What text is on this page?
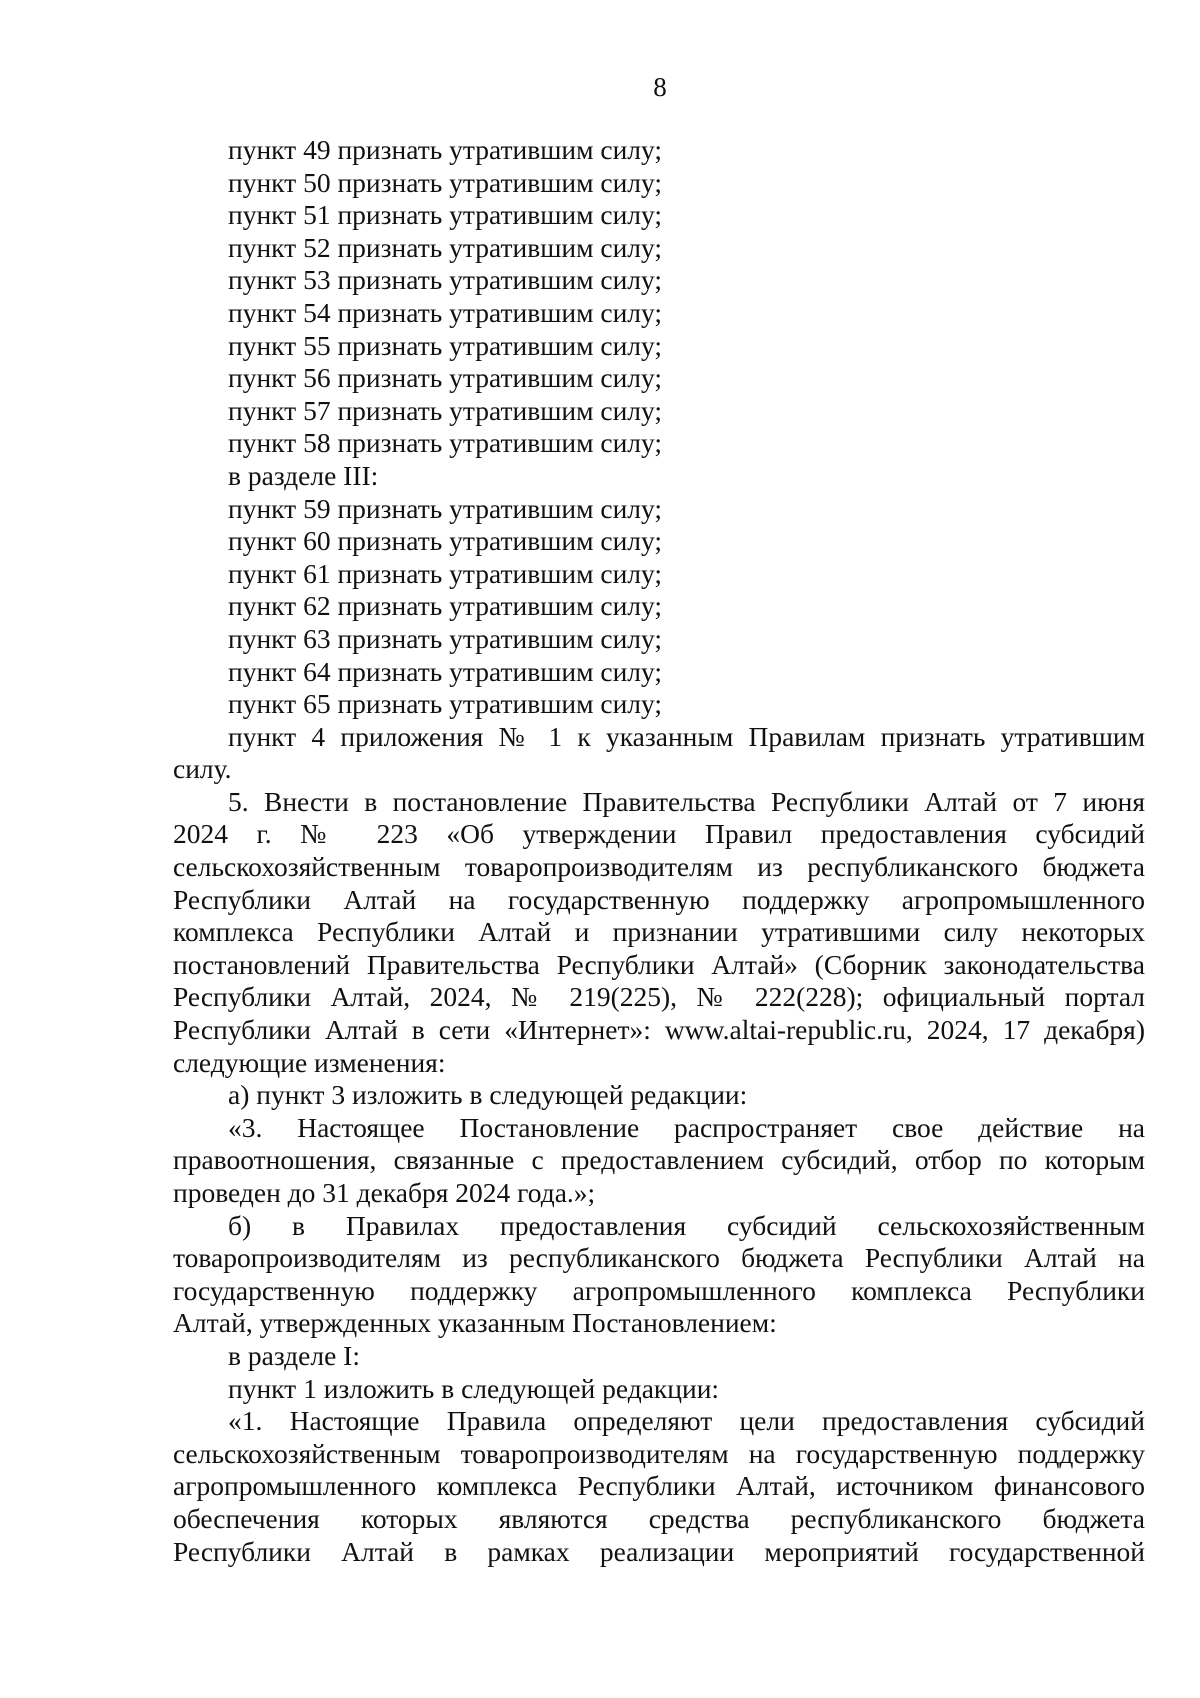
8
пункт 49 признать утратившим силу;
пункт 50 признать утратившим силу;
пункт 51 признать утратившим силу;
пункт 52 признать утратившим силу;
пункт 53 признать утратившим силу;
пункт 54 признать утратившим силу;
пункт 55 признать утратившим силу;
пункт 56 признать утратившим силу;
пункт 57 признать утратившим силу;
пункт 58 признать утратившим силу;
в разделе III:
пункт 59 признать утратившим силу;
пункт 60 признать утратившим силу;
пункт 61 признать утратившим силу;
пункт 62 признать утратившим силу;
пункт 63 признать утратившим силу;
пункт 64 признать утратившим силу;
пункт 65 признать утратившим силу;
пункт 4 приложения № 1 к указанным Правилам признать утратившим
силу.
5. Внести в постановление Правительства Республики Алтай от 7 июня
2024 г. № 223 «Об утверждении Правил предоставления субсидий
сельскохозяйственным товаропроизводителям из республиканского бюджета
Республики Алтай на государственную поддержку агропромышленного
комплекса Республики Алтай и признании утратившими силу некоторых
постановлений Правительства Республики Алтай» (Сборник законодательства
Республики Алтай, 2024, № 219(225), № 222(228); официальный портал
Республики Алтай в сети «Интернет»: www.altai-republic.ru, 2024, 17 декабря)
следующие изменения:
а) пункт 3 изложить в следующей редакции:
«3. Настоящее Постановление распространяет свое действие на
правоотношения, связанные с предоставлением субсидий, отбор по которым
проведен до 31 декабря 2024 года.»;
б) в Правилах предоставления субсидий сельскохозяйственным
товаропроизводителям из республиканского бюджета Республики Алтай на
государственную поддержку агропромышленного комплекса Республики
Алтай, утвержденных указанным Постановлением:
в разделе I:
пункт 1 изложить в следующей редакции:
«1. Настоящие Правила определяют цели предоставления субсидий
сельскохозяйственным товаропроизводителям на государственную поддержку
агропромышленного комплекса Республики Алтай, источником финансового
обеспечения которых являются средства республиканского бюджета
Республики Алтай в рамках реализации мероприятий государственной
